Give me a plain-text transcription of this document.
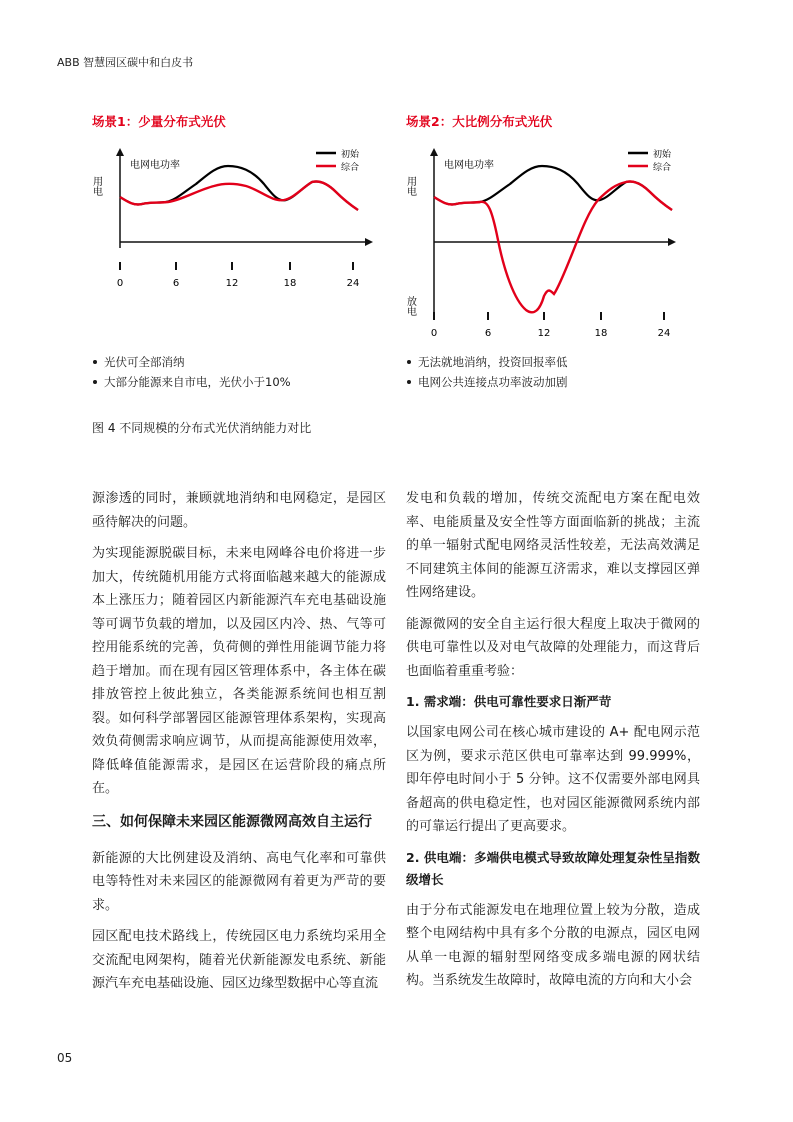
ABB 智慧园区碳中和白皮书
场景1：少量分布式光伏
用电
电网电功率
初始
综合
0	6	12	18	24
光伏可全部消纳
大部分能源来自市电，光伏小于10%
场景2：大比例分布式光伏
用电
放电
电网电功率
初始
综合
0	6	12	18	24
无法就地消纳，投资回报率低
电网公共连接点功率波动加剧
图 4 不同规模的分布式光伏消纳能力对比

源渗透的同时，兼顾就地消纳和电网稳定，是园区亟待解决的问题。

为实现能源脱碳目标，未来电网峰谷电价将进一步加大，传统随机用能方式将面临越来越大的能源成本上涨压力；随着园区内新能源汽车充电基础设施等可调节负载的增加，以及园区内冷、热、气等可控用能系统的完善，负荷侧的弹性用能调节能力将趋于增加。而在现有园区管理体系中，各主体在碳排放管控上彼此独立，各类能源系统间也相互割裂。如何科学部署园区能源管理体系架构，实现高效负荷侧需求响应调节，从而提高能源使用效率，降低峰值能源需求，是园区在运营阶段的痛点所在。

三、如何保障未来园区能源微网高效自主运行

新能源的大比例建设及消纳、高电气化率和可靠供电等特性对未来园区的能源微网有着更为严苛的要求。

园区配电技术路线上，传统园区电力系统均采用全交流配电网架构，随着光伏新能源发电系统、新能源汽车充电基础设施、园区边缘型数据中心等直流

发电和负载的增加，传统交流配电方案在配电效率、电能质量及安全性等方面面临新的挑战；主流的单一辐射式配电网络灵活性较差，无法高效满足不同建筑主体间的能源互济需求，难以支撑园区弹性网络建设。

能源微网的安全自主运行很大程度上取决于微网的供电可靠性以及对电气故障的处理能力，而这背后也面临着重重考验：

1. 需求端：供电可靠性要求日渐严苛

以国家电网公司在核心城市建设的 A+ 配电网示范区为例，要求示范区供电可靠率达到 99.999%，即年停电时间小于 5 分钟。这不仅需要外部电网具备超高的供电稳定性，也对园区能源微网系统内部的可靠运行提出了更高要求。

2. 供电端：多端供电模式导致故障处理复杂性呈指数级增长

由于分布式能源发电在地理位置上较为分散，造成整个电网结构中具有多个分散的电源点，园区电网从单一电源的辐射型网络变成多端电源的网状结构。当系统发生故障时，故障电流的方向和大小会

05
